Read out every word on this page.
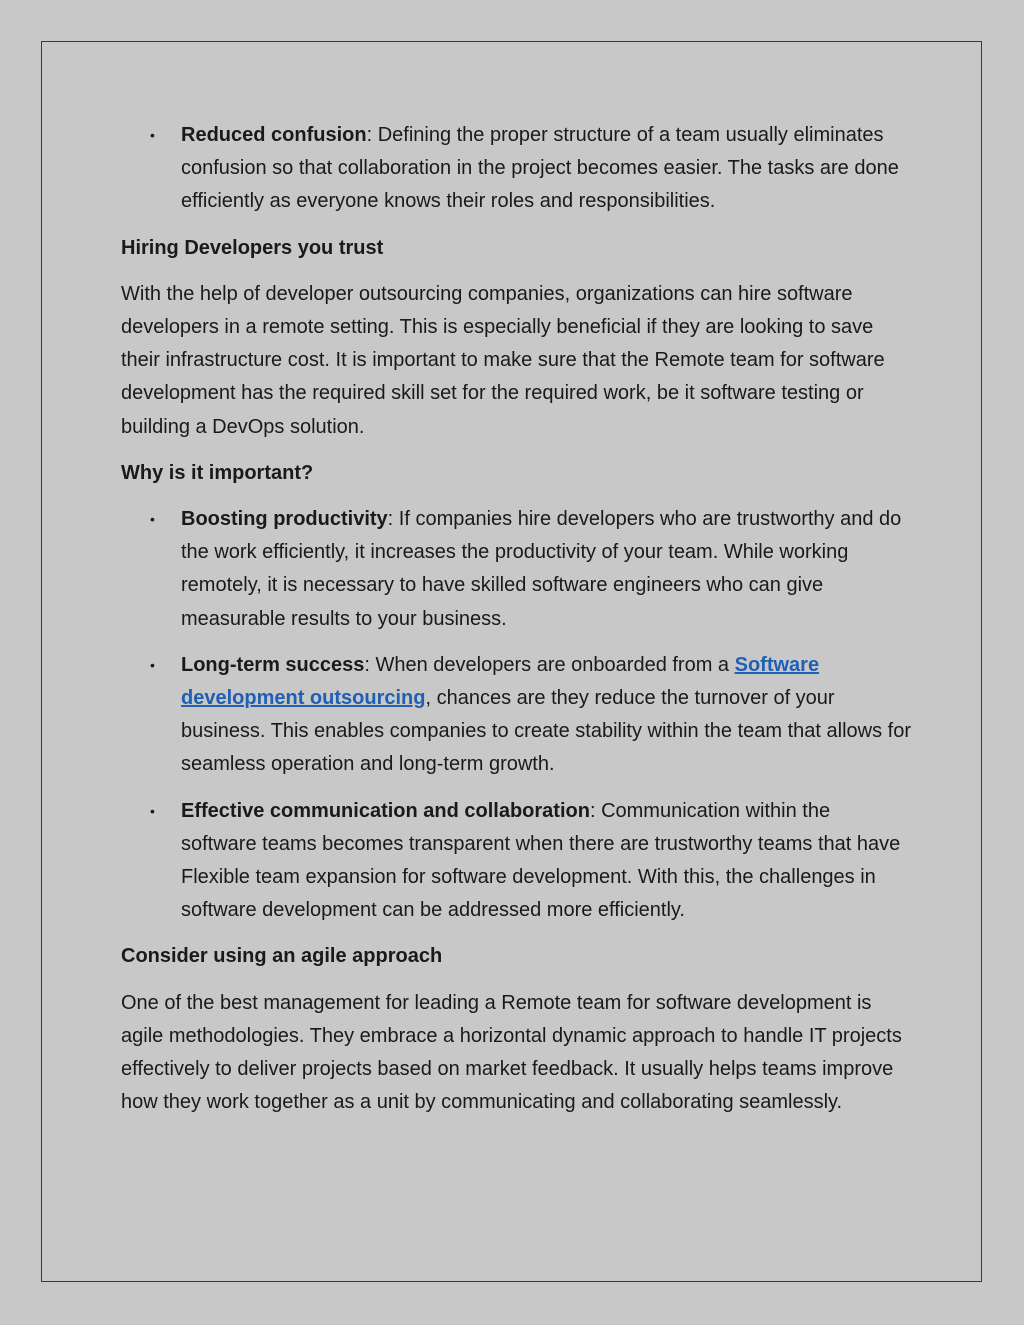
• Reduced confusion: Defining the proper structure of a team usually eliminates confusion so that collaboration in the project becomes easier. The tasks are done efficiently as everyone knows their roles and responsibilities.
Hiring Developers you trust

With the help of developer outsourcing companies, organizations can hire software developers in a remote setting. This is especially beneficial if they are looking to save their infrastructure cost. It is important to make sure that the Remote team for software development has the required skill set for the required work, be it software testing or building a DevOps solution.

Why is it important?
• Boosting productivity: If companies hire developers who are trustworthy and do the work efficiently, it increases the productivity of your team. While working remotely, it is necessary to have skilled software engineers who can give measurable results to your business.
• Long-term success: When developers are onboarded from a Software development outsourcing, chances are they reduce the turnover of your business. This enables companies to create stability within the team that allows for seamless operation and long-term growth.
• Effective communication and collaboration: Communication within the software teams becomes transparent when there are trustworthy teams that have Flexible team expansion for software development. With this, the challenges in software development can be addressed more efficiently.
Consider using an agile approach

One of the best management for leading a Remote team for software development is agile methodologies. They embrace a horizontal dynamic approach to handle IT projects effectively to deliver projects based on market feedback. It usually helps teams improve how they work together as a unit by communicating and collaborating seamlessly.
